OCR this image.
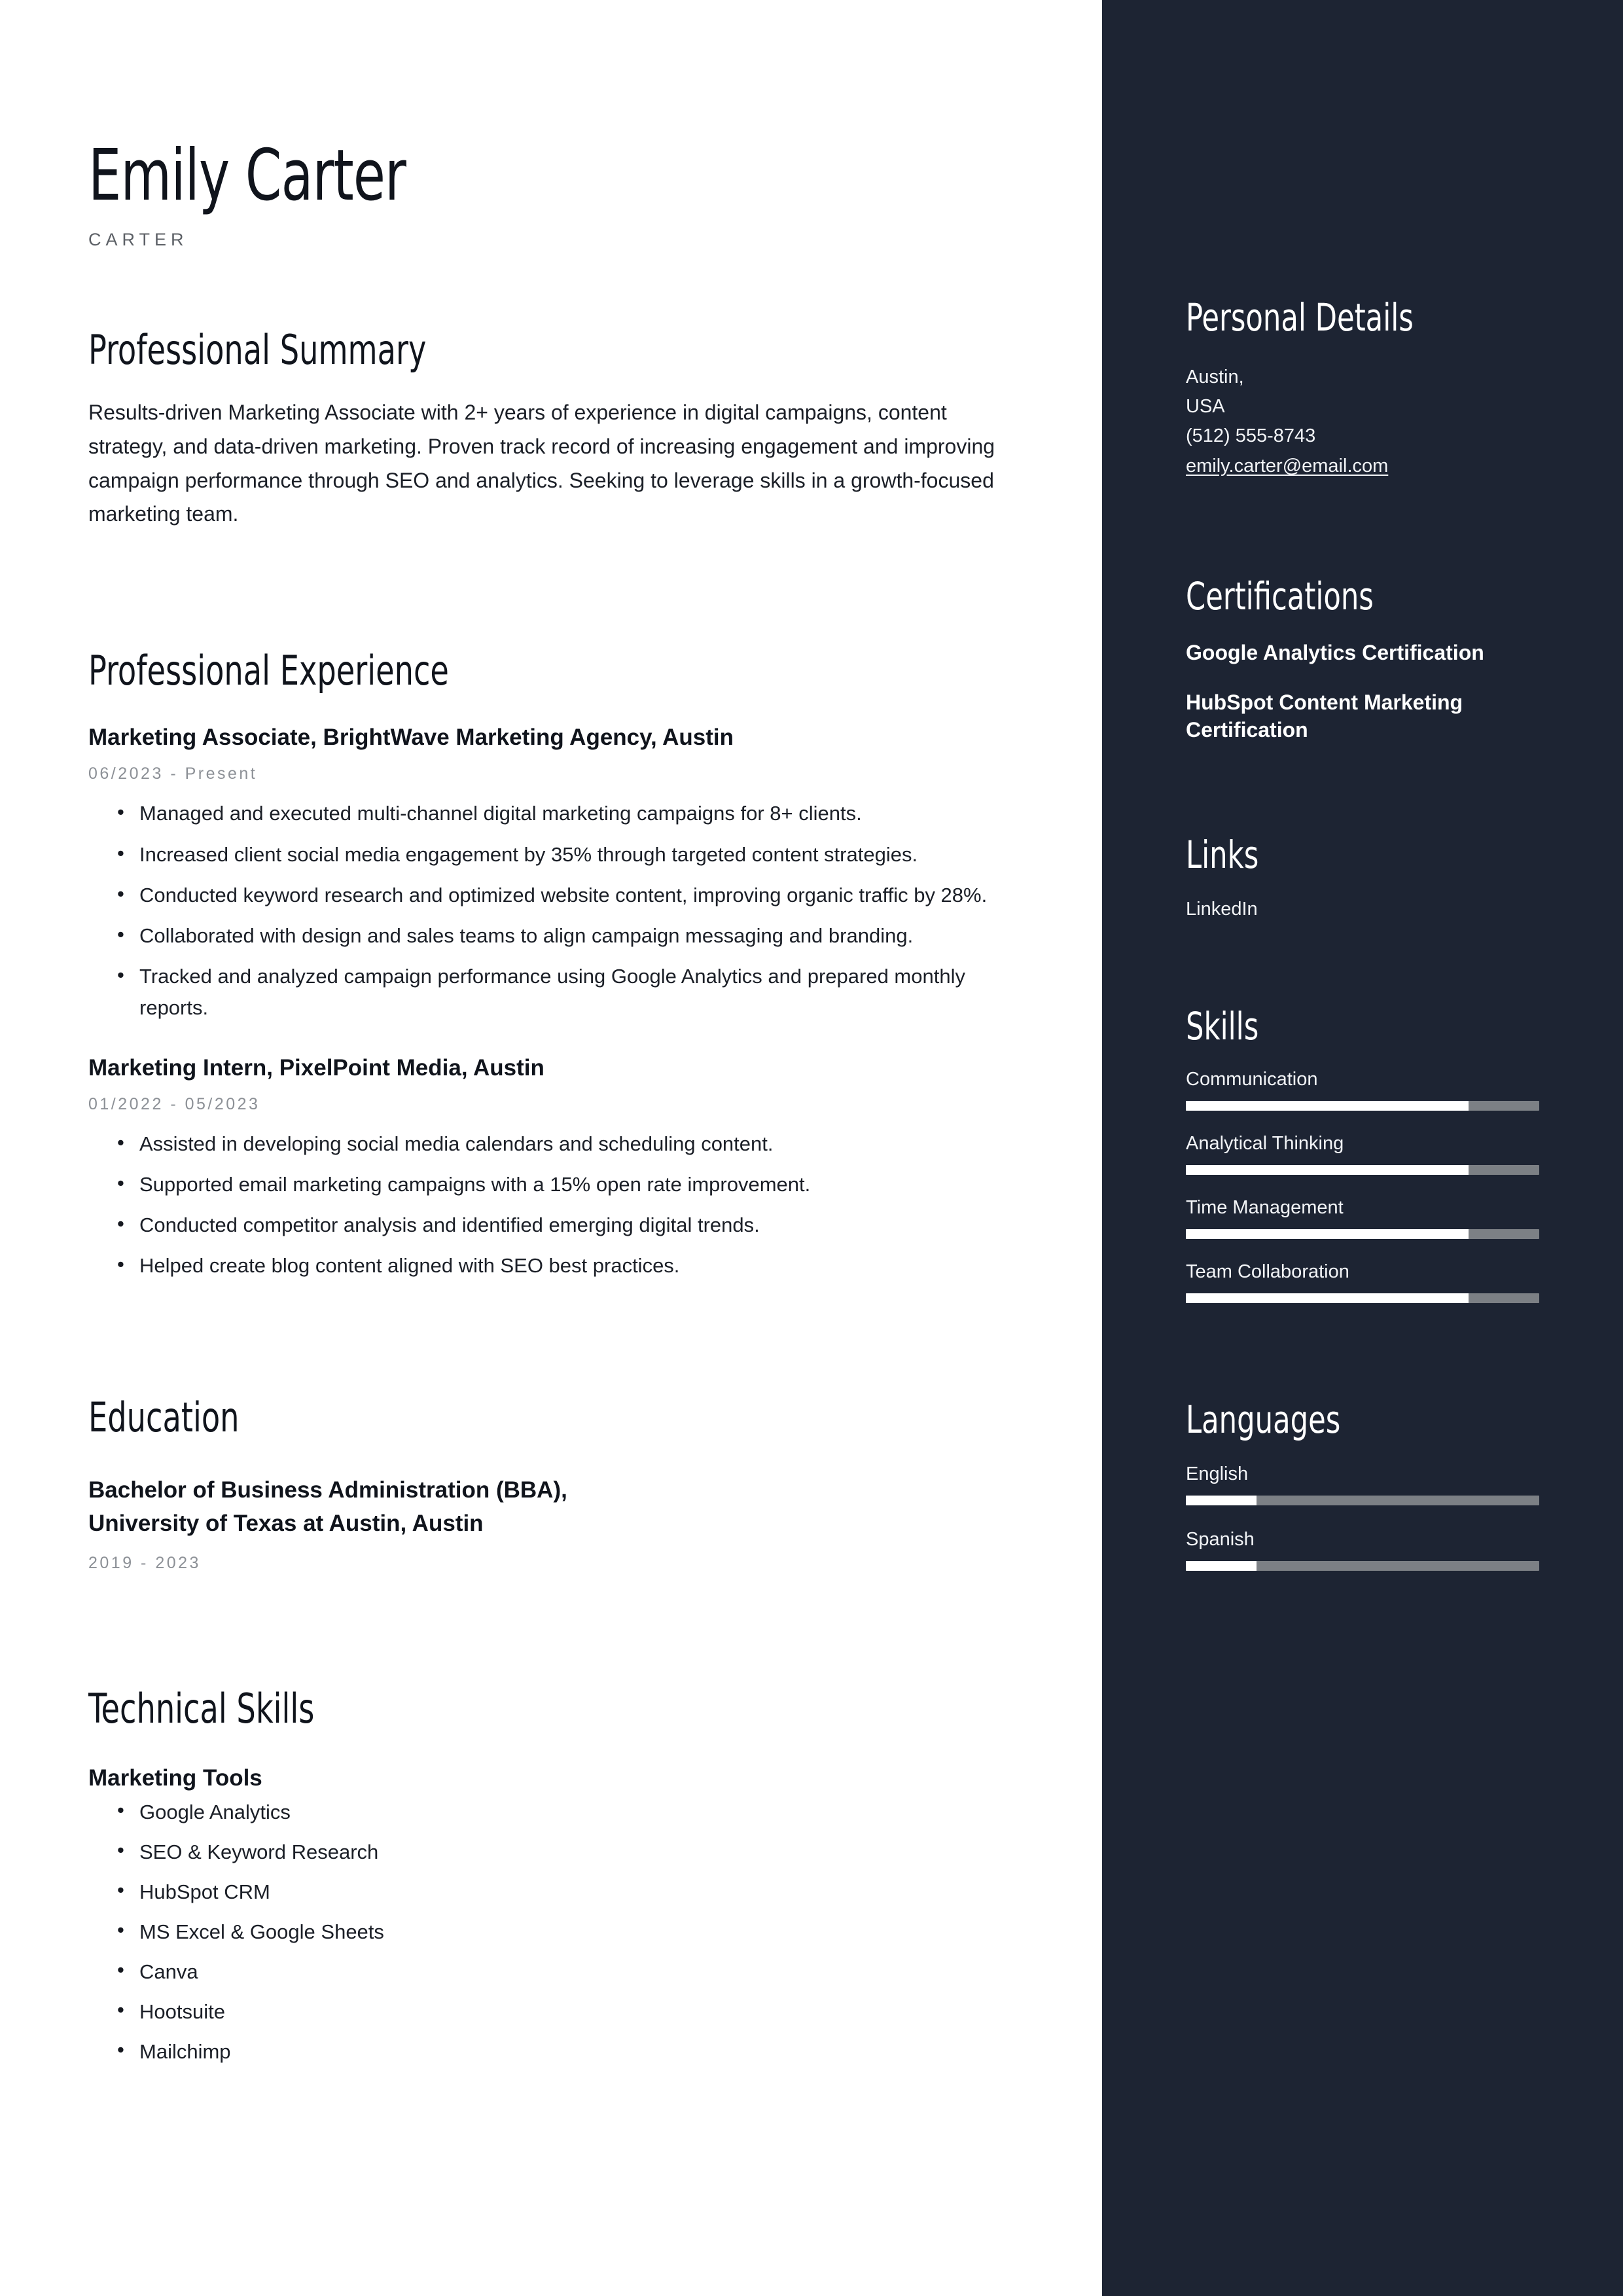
Emily Carter
CARTER
Professional Summary

Results-driven Marketing Associate with 2+ years of experience in digital campaigns, content strategy, and data-driven marketing. Proven track record of increasing engagement and improving campaign performance through SEO and analytics. Seeking to leverage skills in a growth-focused marketing team.

Professional Experience
Marketing Associate, BrightWave Marketing Agency, Austin
06/2023 - Present
• Managed and executed multi-channel digital marketing campaigns for 8+ clients.
• Increased client social media engagement by 35% through targeted content strategies.
• Conducted keyword research and optimized website content, improving organic traffic by 28%.
• Collaborated with design and sales teams to align campaign messaging and branding.
• Tracked and analyzed campaign performance using Google Analytics and prepared monthly reports.
Marketing Intern, PixelPoint Media, Austin
01/2022 - 05/2023
• Assisted in developing social media calendars and scheduling content.
• Supported email marketing campaigns with a 15% open rate improvement.
• Conducted competitor analysis and identified emerging digital trends.
• Helped create blog content aligned with SEO best practices.
Education
Bachelor of Business Administration (BBA),
University of Texas at Austin, Austin
2019 - 2023
Technical Skills
Marketing Tools
• Google Analytics
• SEO & Keyword Research
• HubSpot CRM
• MS Excel & Google Sheets
• Canva
• Hootsuite
• Mailchimp
Personal Details
Austin,
USA
(512) 555-8743
emily.carter@email.com
Certifications
Google Analytics Certification
HubSpot Content Marketing Certification
Links
LinkedIn
Skills
Communication
Analytical Thinking
Time Management
Team Collaboration
Languages
English
Spanish
